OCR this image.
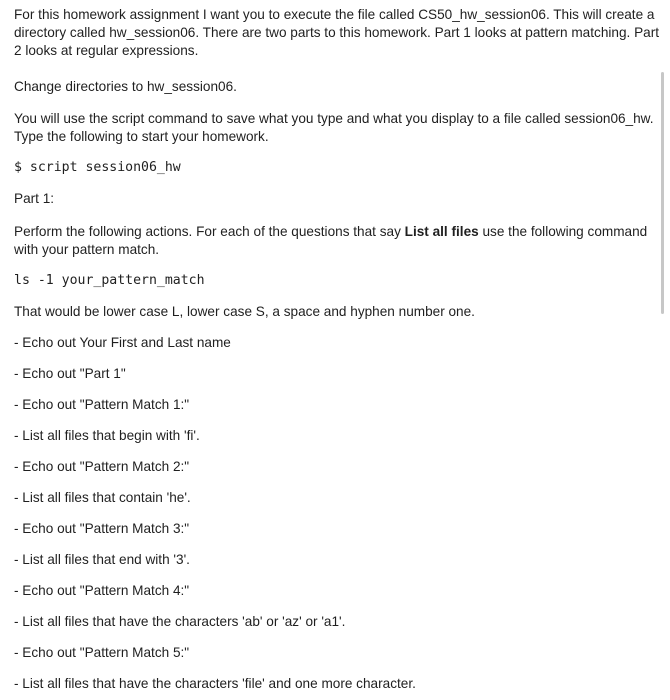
For this homework assignment I want you to execute the file called CS50_hw_session06. This will create a directory called hw_session06. There are two parts to this homework. Part 1 looks at pattern matching. Part 2 looks at regular expressions.

Change directories to hw_session06.

You will use the script command to save what you type and what you display to a file called session06_hw. Type the following to start your homework.

$ script session06_hw

Part 1:

Perform the following actions. For each of the questions that say List all files use the following command with your pattern match.

ls -1 your_pattern_match

That would be lower case L, lower case S, a space and hyphen number one.

- Echo out Your First and Last name

- Echo out "Part 1"

- Echo out "Pattern Match 1:"

- List all files that begin with 'fi'.

- Echo out "Pattern Match 2:"

- List all files that contain 'he'.

- Echo out "Pattern Match 3:"

- List all files that end with '3'.

- Echo out "Pattern Match 4:"

- List all files that have the characters 'ab' or 'az' or 'a1'.

- Echo out "Pattern Match 5:"

- List all files that have the characters 'file' and one more character.
